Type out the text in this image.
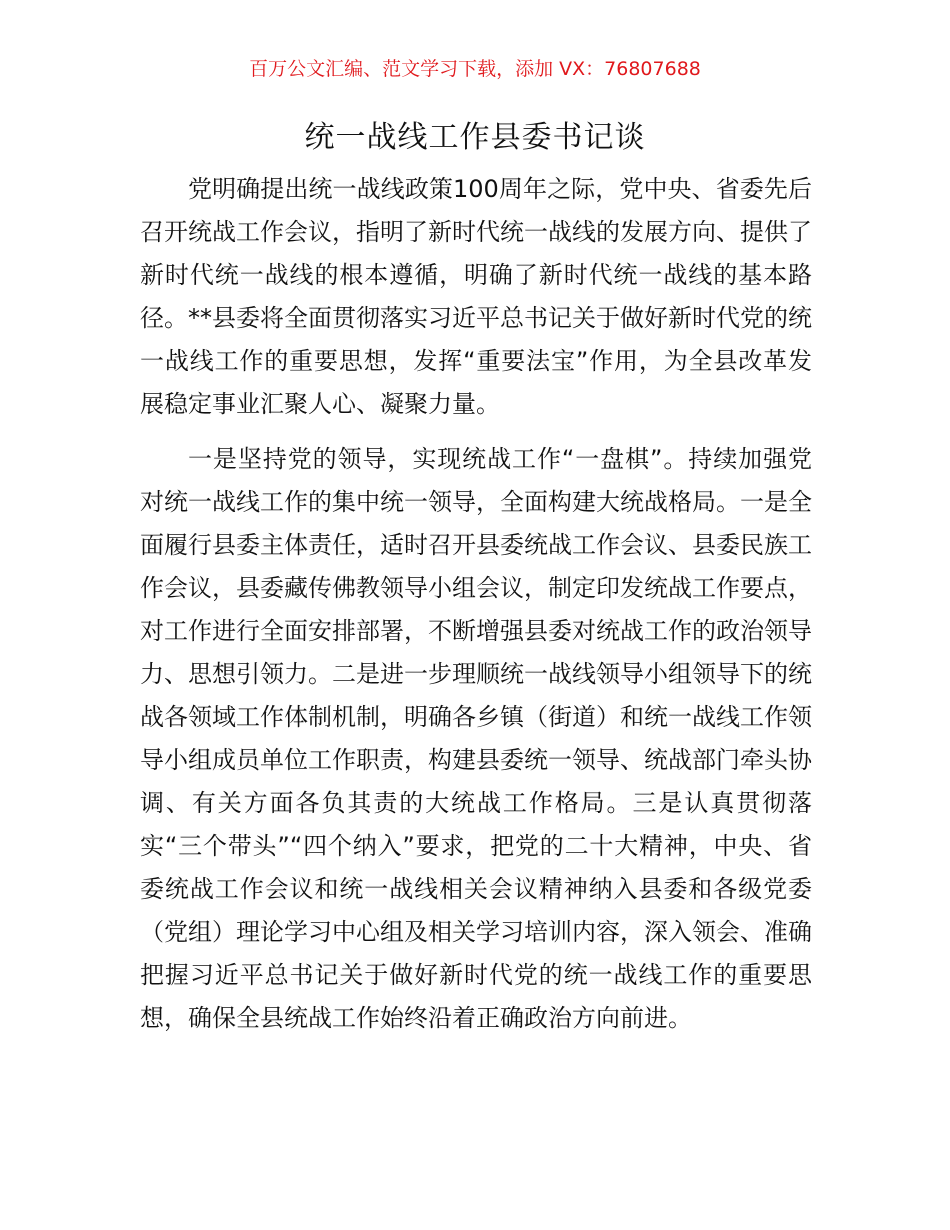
百万公文汇编、范文学习下载，添加 VX：76807688
统一战线工作县委书记谈

党明确提出统一战线政策100周年之际，党中央、省委先后召开统战工作会议，指明了新时代统一战线的发展方向、提供了新时代统一战线的根本遵循，明确了新时代统一战线的基本路径。**县委将全面贯彻落实习近平总书记关于做好新时代党的统一战线工作的重要思想，发挥“重要法宝”作用，为全县改革发展稳定事业汇聚人心、凝聚力量。

一是坚持党的领导，实现统战工作“一盘棋”。持续加强党对统一战线工作的集中统一领导，全面构建大统战格局。一是全面履行县委主体责任，适时召开县委统战工作会议、县委民族工作会议，县委藏传佛教领导小组会议，制定印发统战工作要点，对工作进行全面安排部署，不断增强县委对统战工作的政治领导力、思想引领力。二是进一步理顺统一战线领导小组领导下的统战各领域工作体制机制，明确各乡镇（街道）和统一战线工作领导小组成员单位工作职责，构建县委统一领导、统战部门牵头协调、有关方面各负其责的大统战工作格局。三是认真贯彻落实“三个带头”“四个纳入”要求，把党的二十大精神，中央、省委统战工作会议和统一战线相关会议精神纳入县委和各级党委（党组）理论学习中心组及相关学习培训内容，深入领会、准确把握习近平总书记关于做好新时代党的统一战线工作的重要思想，确保全县统战工作始终沿着正确政治方向前进。
